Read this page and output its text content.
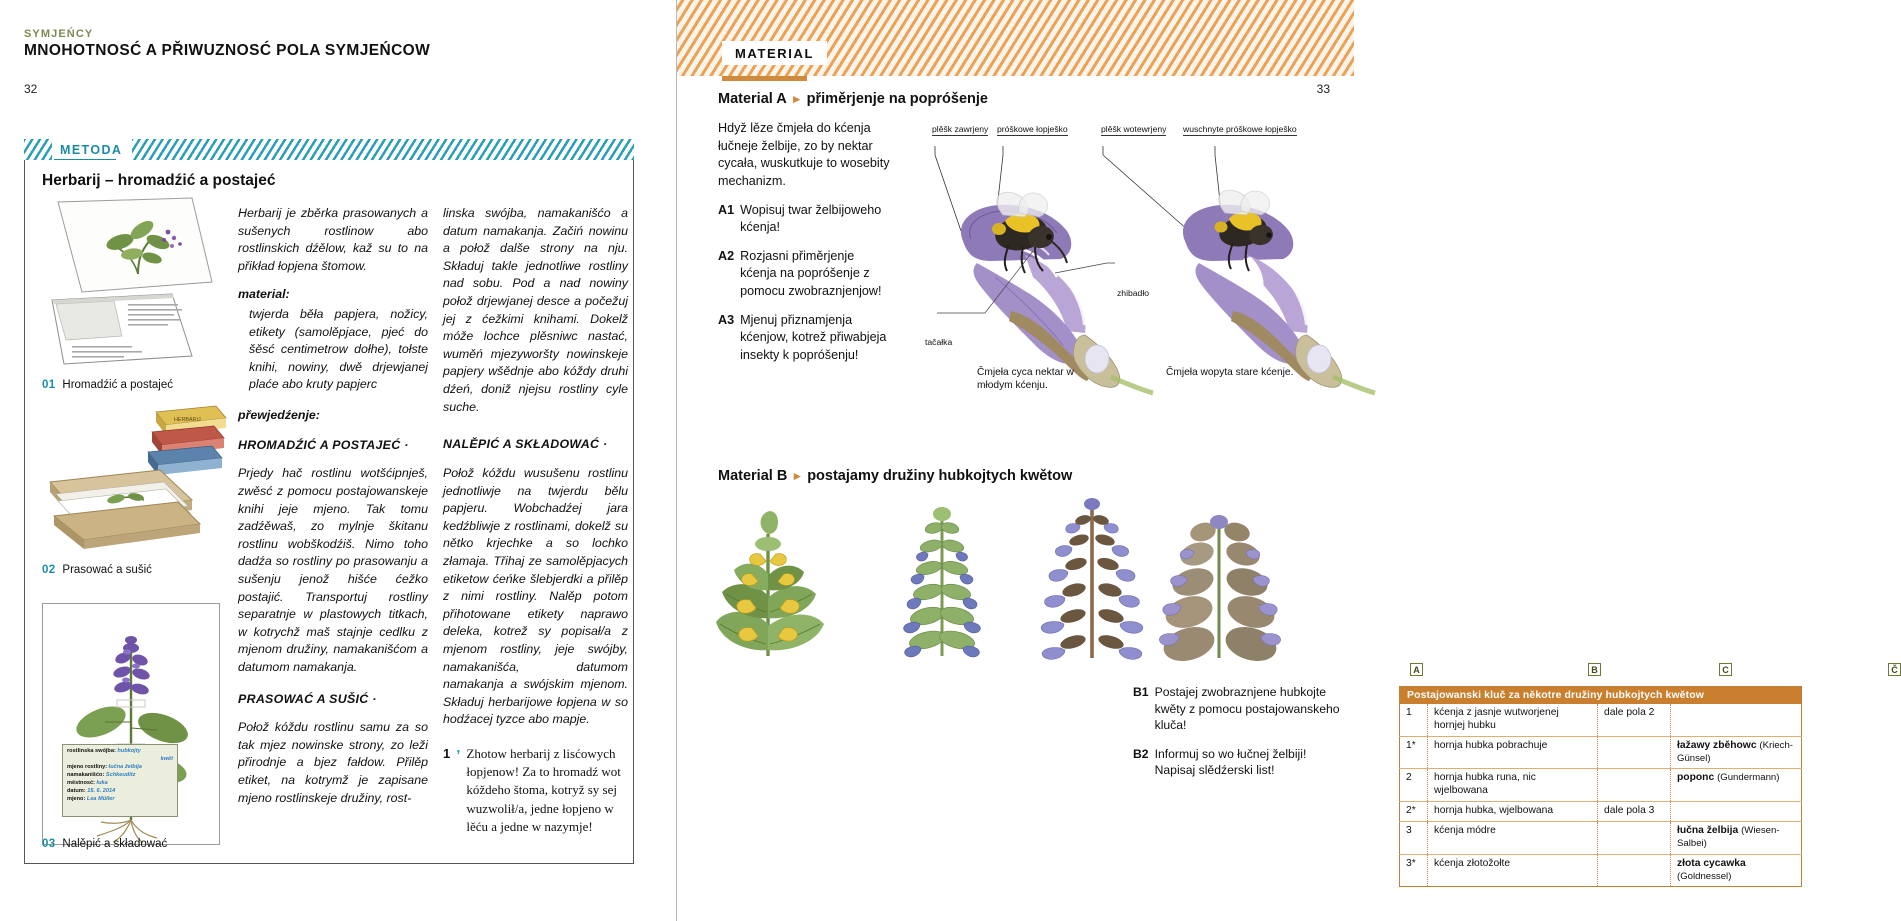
SYMJEŃCY
MNOHOTNOSĆ A PŘIWUZNOSĆ POLA SYMJEŃCOW
32
METODA
Herbarij – hromadźić a postajeć
01 Hromadźić a postajeć
HERBARIJ
02 Prasować a sušić
rostlinska swójba: hubkojty
kwět
mjeno rostliny: łučna želbija
namakanišćo: Schkeuditz
městnosć: łuka
datum: 15. 6. 2014
mjeno: Lea Müller
03 Nalěpić a składować

Herbarij je zběrka prasowanych a sušenych rostlinow abo rostlinskich dźělow, kaž su to na přikład łopjena štomow.

material:

twjerda běła papjera, nožicy, etikety (samolěpjace, pjeć do šěsć centimetrow dołhe), tołste knihi, nowiny, dwě drjewjanej plaće abo kruty papjerc

přewjedźenje:

HROMADŹIĆ A POSTAJEĆ ·

Prjedy hač rostlinu wotšćipnješ, zwěsć z pomocu postajowanskeje knihi jeje mjeno. Tak tomu zadźěwaš, zo mylnje škitanu rostlinu wobškodźiš. Nimo toho dadźa so rostliny po prasowanju a sušenju jenož hišće ćežko postajić. Transportuj rostliny separatnje w plastowych titkach, w kotrychž maš stajnje cedlku z mjenom družiny, namakanišćom a datumom namakanja.

PRASOWAĆ A SUŠIĆ ·

Połož kóždu rostlinu samu za so tak mjez nowinske strony, zo leži přirodnje a bjez fałdow. Přilěp etiket, na kotrymž je zapisane mjeno rostlinskeje družiny, rost-

linska swójba, namakanišćo a datum namakanja. Začiń nowinu a połož dalše strony na nju. Składuj takle jednotliwe rostliny nad sobu. Pod a nad nowiny połož drjewjanej desce a počežuj jej z ćežkimi knihami. Dokelž móže lochce plěsniwc nastać, wuměń mjezyworšty nowinskeje papjery wšědnje abo kóždy druhi dźeń, doniž njejsu rostliny cyle suche.

NALĚPIĆ A SKŁADOWAĆ ·

Połož kóždu wusušenu rostlinu jednotliwje na twjerdu bělu papjeru. Wobchadźej jara kedźbliwje z rostlinami, dokelž su nětko krjechke a so lochko złamaja. Třihaj ze samolěpjacych etiketow ćeńke šlebjerdki a přilěp z nimi rostliny. Nalěp potom přihotowane etikety naprawo deleka, kotrež sy popisał/a z mjenom rostliny, jeje swójby, namakanišća, datumom namakanja a swójskim mjenom. Składuj herbarijowe łopjena w so hodźacej tyzce abo mapje.

1 ’ Zhotow herbarij z lisćowych łopjenow! Za to hromadź wot kóždeho štoma, kotryž sy sej wuzwolił/a, jedne łopjeno w lěću a jedne w nazymje!
MATERIAL
33
Material A ► přiměrjenje na popróšenje

Hdyž lěze čmjeła do kćenja łučneje želbije, zo by nektar cycała, wuskutkuje to wosebity mechanizm.

A1 Wopisuj twar želbijoweho kćenja!
A2 Rozjasni přiměrjenje kćenja na popróšenje z pomocu zwobraznjenjow!
A3 Mjenuj přiznamjenja kćenjow, kotrež přiwabjeja insekty k popróšenju!
plěšk zawrjeny próškowe łopješko	plěšk wotewrjeny wuschnyte próškowe łopješko
zhibadło
tačałka
Čmjeła cyca nektar w młodym kćenju.
Čmjeła wopyta stare kćenje.
Material B ► postajamy družiny hubkojtych kwětow
A	B	C	Č
Postajowanski kluč za někotre družiny hubkojtych kwětow			
1	kćenja z jasnje wutworjenej hornjej hubku	dale pola 2	
1*	hornja hubka pobrachuje		łažawy zběhowc (Kriech-Günsel)
2	hornja hubka runa, nic wjelbowana		poponc (Gundermann)
2*	hornja hubka, wjelbowana	dale pola 3	
3	kćenja módre		łučna želbija (Wiesen-Salbei)
3*	kćenja złotožołte		złota cycawka (Goldnessel)
B1 Postajej zwobraznjene hubkojte kwěty z pomocu postajowanskeho kluča!
B2 Informuj so wo łučnej želbiji! Napisaj slědźerski list!
